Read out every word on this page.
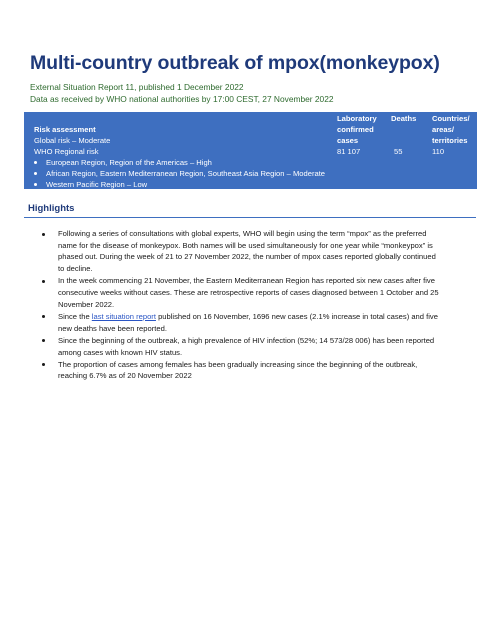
Multi-country outbreak of mpox(monkeypox)
External Situation Report 11, published 1 December 2022
Data as received by WHO national authorities by 17:00 CEST, 27 November 2022
Risk assessment
Global risk – Moderate
WHO Regional risk
European Region, Region of the Americas – High
African Region, Eastern Mediterranean Region, Southeast Asia Region – Moderate
Western Pacific Region – Low
Laboratory
confirmed
cases
81 107
Deaths
55
Countries/
areas/
territories
110
Highlights
Following a series of consultations with global experts, WHO will begin using the term “mpox” as the preferred name for the disease of monkeypox. Both names will be used simultaneously for one year while “monkeypox” is phased out. During the week of 21 to 27 November 2022, the number of mpox cases reported globally continued to decline.
In the week commencing 21 November, the Eastern Mediterranean Region has reported six new cases after five consecutive weeks without cases. These are retrospective reports of cases diagnosed between 1 October and 25 November 2022.
Since the last situation report published on 16 November, 1696 new cases (2.1% increase in total cases) and five new deaths have been reported.
Since the beginning of the outbreak, a high prevalence of HIV infection (52%; 14 573/28 006) has been reported among cases with known HIV status.
The proportion of cases among females has been gradually increasing since the beginning of the outbreak, reaching 6.7% as of 20 November 2022
